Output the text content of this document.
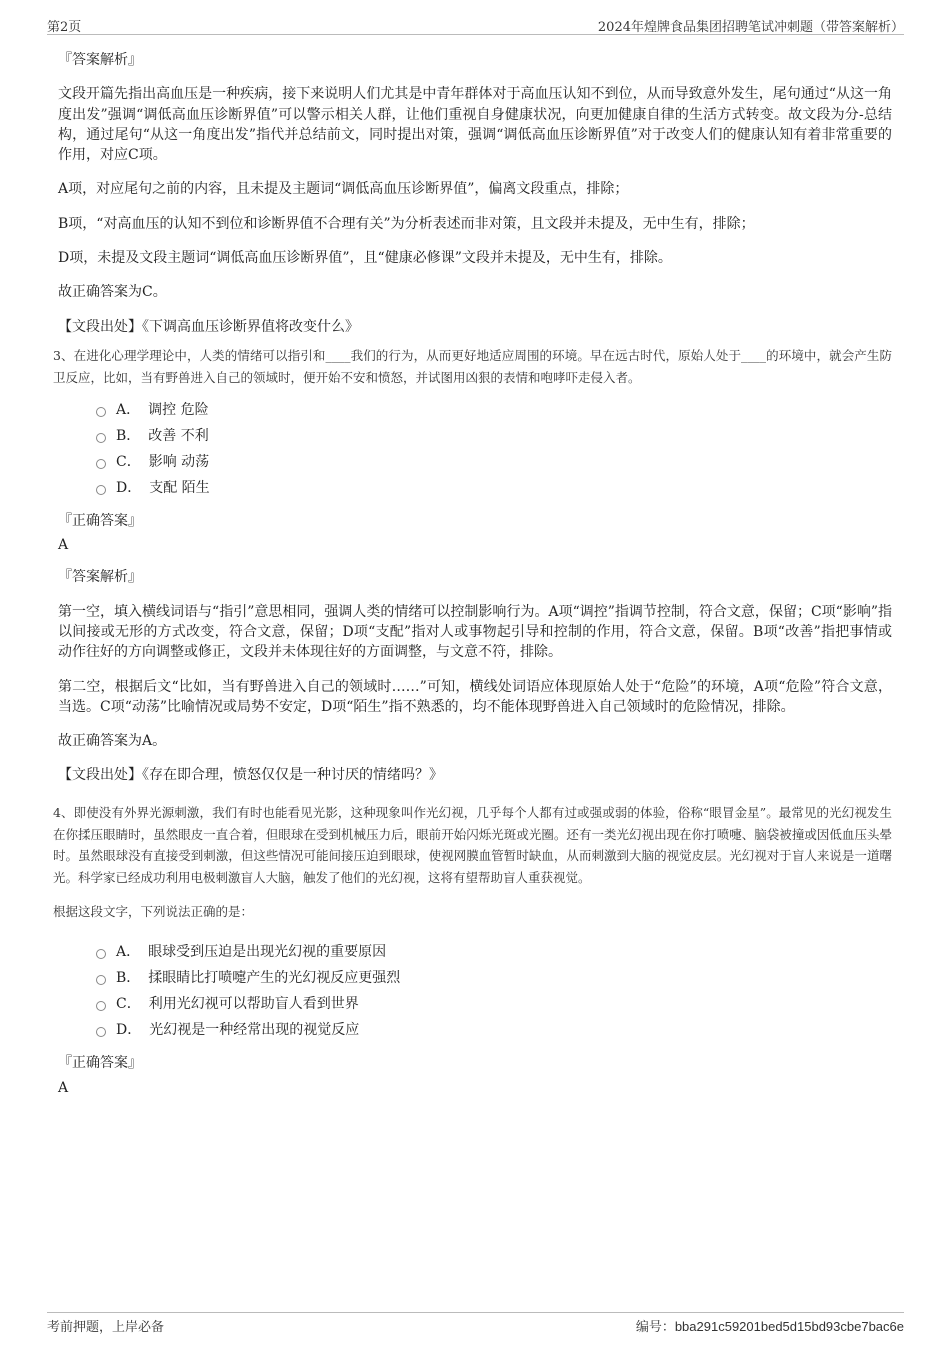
第2页	2024年煌牌食品集团招聘笔试冲刺题（带答案解析）
『答案解析』

文段开篇先指出高血压是一种疾病，接下来说明人们尤其是中青年群体对于高血压认知不到位，从而导致意外发生，尾句通过“从这一角度出发”强调“调低高血压诊断界值”可以警示相关人群，让他们重视自身健康状况，向更加健康自律的生活方式转变。故文段为分-总结构，通过尾句“从这一角度出发”指代并总结前文，同时提出对策，强调“调低高血压诊断界值”对于改变人们的健康认知有着非常重要的作用，对应C项。

A项，对应尾句之前的内容，且未提及主题词“调低高血压诊断界值”，偏离文段重点，排除；

B项，“对高血压的认知不到位和诊断界值不合理有关”为分析表述而非对策，且文段并未提及，无中生有，排除；

D项，未提及文段主题词“调低高血压诊断界值”，且“健康必修课”文段并未提及，无中生有，排除。

故正确答案为C。

【文段出处】《下调高血压诊断界值将改变什么》
3、在进化心理学理论中，人类的情绪可以指引和____我们的行为，从而更好地适应周围的环境。早在远古时代，原始人处于____的环境中，就会产生防卫反应，比如，当有野兽进入自己的领域时，便开始不安和愤怒，并试图用凶狠的表情和咆哮吓走侵入者。
A． 调控 危险
B． 改善 不利
C． 影响 动荡
D． 支配 陌生
『正确答案』
A
『答案解析』

第一空，填入横线词语与“指引”意思相同，强调人类的情绪可以控制影响行为。A项“调控”指调节控制，符合文意，保留；C项“影响”指以间接或无形的方式改变，符合文意，保留；D项“支配”指对人或事物起引导和控制的作用，符合文意，保留。B项“改善”指把事情或动作往好的方向调整或修正，文段并未体现往好的方面调整，与文意不符，排除。

第二空，根据后文“比如，当有野兽进入自己的领域时……”可知，横线处词语应体现原始人处于“危险”的环境，A项“危险”符合文意，当选。C项“动荡”比喻情况或局势不安定，D项“陌生”指不熟悉的，均不能体现野兽进入自己领域时的危险情况，排除。

故正确答案为A。

【文段出处】《存在即合理，愤怒仅仅是一种讨厌的情绪吗？》
4、即使没有外界光源刺激，我们有时也能看见光影，这种现象叫作光幻视，几乎每个人都有过或强或弱的体验，俗称“眼冒金星”。最常见的光幻视发生在你揉压眼睛时，虽然眼皮一直合着，但眼球在受到机械压力后，眼前开始闪烁光斑或光圈。还有一类光幻视出现在你打喷嚏、脑袋被撞或因低血压头晕时。虽然眼球没有直接受到刺激，但这些情况可能间接压迫到眼球，使视网膜血管暂时缺血，从而刺激到大脑的视觉皮层。光幻视对于盲人来说是一道曙光。科学家已经成功利用电极刺激盲人大脑，触发了他们的光幻视，这将有望帮助盲人重获视觉。
根据这段文字，下列说法正确的是：
A． 眼球受到压迫是出现光幻视的重要原因
B． 揉眼睛比打喷嚏产生的光幻视反应更强烈
C． 利用光幻视可以帮助盲人看到世界
D． 光幻视是一种经常出现的视觉反应
『正确答案』
A
考前押题，上岸必备	编号：bba291c59201bed5d15bd93cbe7bac6e
